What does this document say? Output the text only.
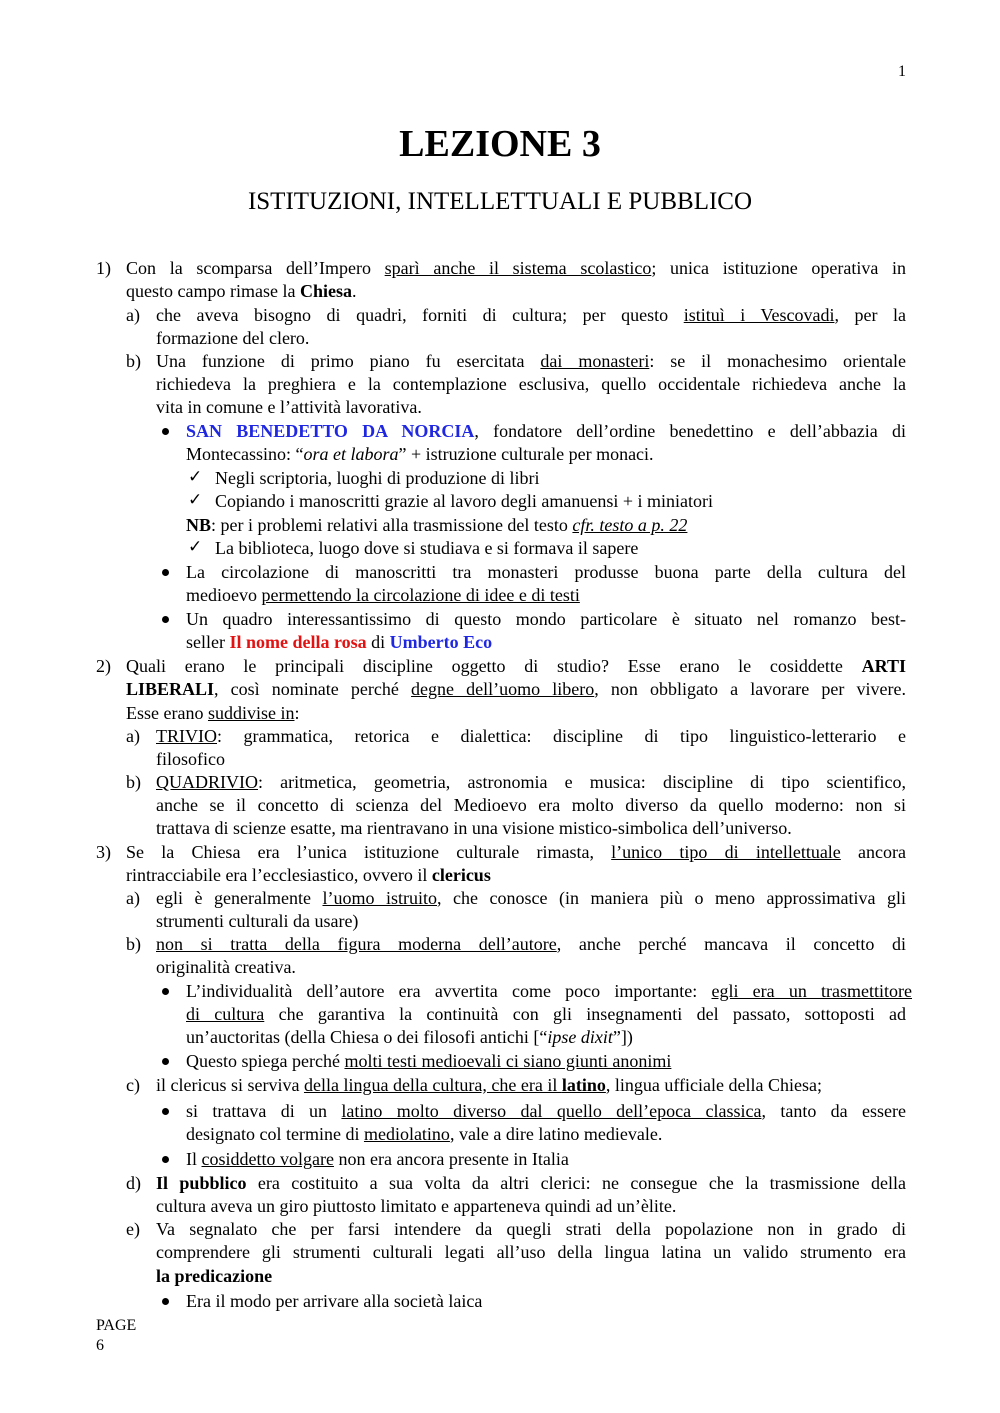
1
LEZIONE 3
ISTITUZIONI, INTELLETTUALI E PUBBLICO
1) Con la scomparsa dell’Impero sparì anche il sistema scolastico; unica istituzione operativa in
questo campo rimase la Chiesa.
a) che aveva bisogno di quadri, forniti di cultura; per questo istituì i Vescovadi, per la
formazione del clero.
b) Una funzione di primo piano fu esercitata dai monasteri: se il monachesimo orientale
richiedeva la preghiera e la contemplazione esclusiva, quello occidentale richiedeva anche la
vita in comune e l’attività lavorativa.
SAN BENEDETTO DA NORCIA, fondatore dell’ordine benedettino e dell’abbazia di
Montecassino: “ora et labora” + istruzione culturale per monaci.
✓ Negli scriptoria, luoghi di produzione di libri
✓ Copiando i manoscritti grazie al lavoro degli amanuensi + i miniatori
NB: per i problemi relativi alla trasmissione del testo cfr. testo a p. 22
✓ La biblioteca, luogo dove si studiava e si formava il sapere
La circolazione di manoscritti tra monasteri produsse buona parte della cultura del
medioevo permettendo la circolazione di idee e di testi
Un quadro interessantissimo di questo mondo particolare è situato nel romanzo best-
seller Il nome della rosa di Umberto Eco
2) Quali erano le principali discipline oggetto di studio? Esse erano le cosiddette ARTI
LIBERALI, così nominate perché degne dell’uomo libero, non obbligato a lavorare per vivere.
Esse erano suddivise in:
a) TRIVIO: grammatica, retorica e dialettica: discipline di tipo linguistico-letterario e
filosofico
b) QUADRIVIO: aritmetica, geometria, astronomia e musica: discipline di tipo scientifico,
anche se il concetto di scienza del Medioevo era molto diverso da quello moderno: non si
trattava di scienze esatte, ma rientravano in una visione mistico-simbolica dell’universo.
3) Se la Chiesa era l’unica istituzione culturale rimasta, l’unico tipo di intellettuale ancora
rintracciabile era l’ecclesiastico, ovvero il clericus
a) egli è generalmente l’uomo istruito, che conosce (in maniera più o meno approssimativa gli
strumenti culturali da usare)
b) non si tratta della figura moderna dell’autore, anche perché mancava il concetto di
originalità creativa.
L’individualità dell’autore era avvertita come poco importante: egli era un trasmettitore
di cultura che garantiva la continuità con gli insegnamenti del passato, sottoposti ad
un’auctoritas (della Chiesa o dei filosofi antichi [“ipse dixit”])
Questo spiega perché molti testi medioevali ci siano giunti anonimi
c) il clericus si serviva della lingua della cultura, che era il latino, lingua ufficiale della Chiesa;
si trattava di un latino molto diverso dal quello dell’epoca classica, tanto da essere
designato col termine di mediolatino, vale a dire latino medievale.
Il cosiddetto volgare non era ancora presente in Italia
d) Il pubblico era costituito a sua volta da altri clerici: ne consegue che la trasmissione della
cultura aveva un giro piuttosto limitato e apparteneva quindi ad un’èlite.
e) Va segnalato che per farsi intendere da quegli strati della popolazione non in grado di
comprendere gli strumenti culturali legati all’uso della lingua latina un valido strumento era
la predicazione
Era il modo per arrivare alla società laica
PAGE
6
